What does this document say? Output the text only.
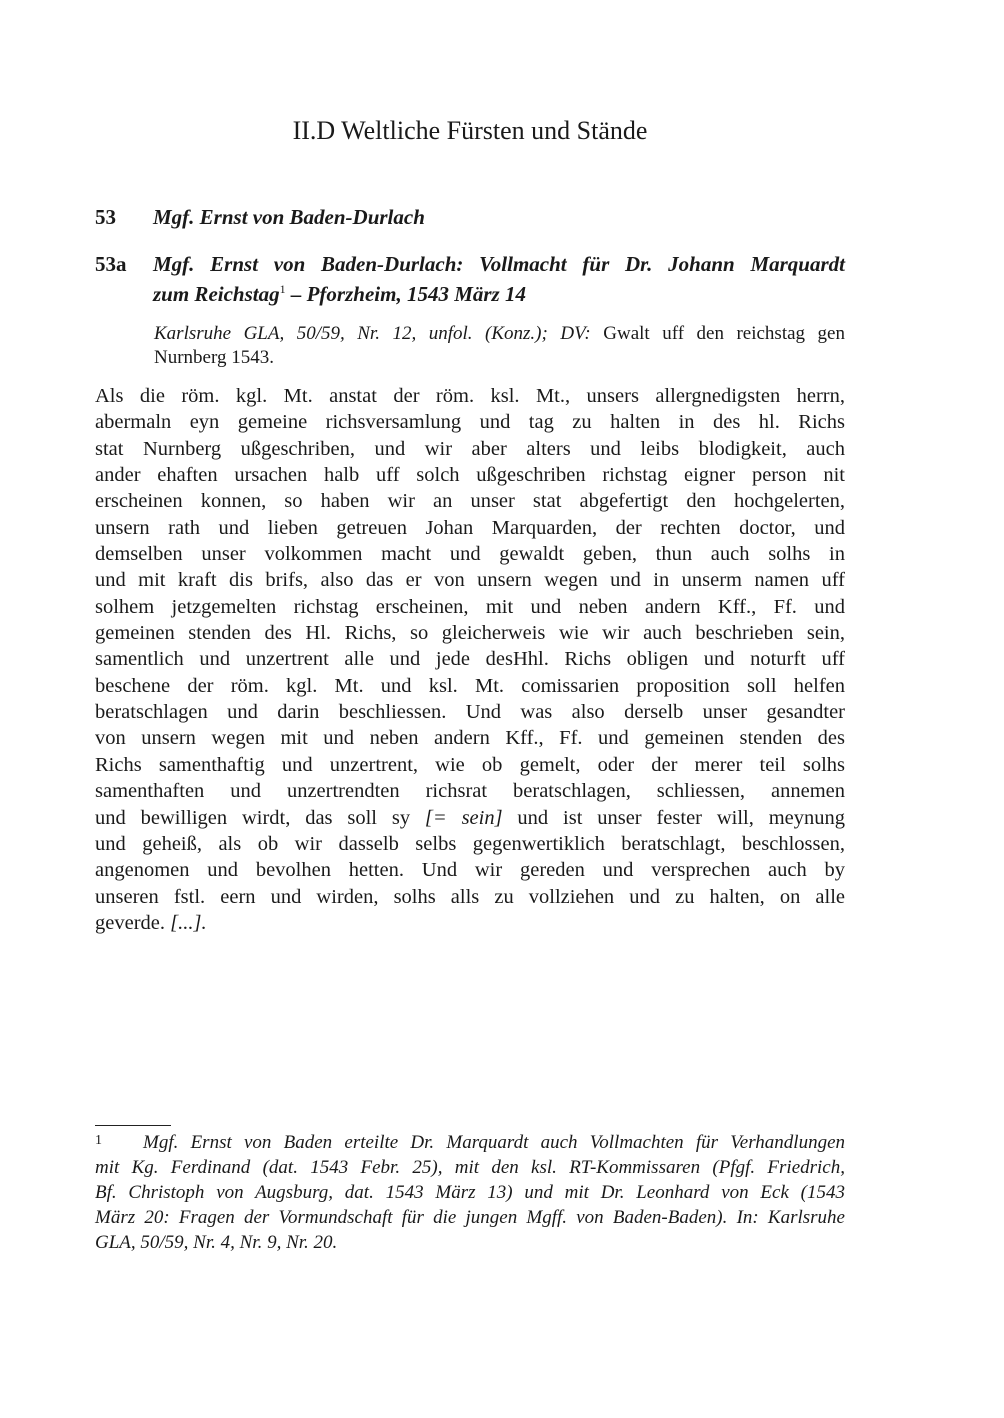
II.D Weltliche Fürsten und Stände
53 Mgf. Ernst von Baden-Durlach
53a Mgf. Ernst von Baden-Durlach: Vollmacht für Dr. Johann Marquardt
zum Reichstag$^1$ – Pforzheim, 1543 März 14
Karlsruhe GLA, 50/59, Nr. 12, unfol. (Konz.); DV: Gwalt uff den reichstag gen
Nurnberg 1543.
Als die röm. kgl. Mt. anstat der röm. ksl. Mt., unsers allergnedigsten herrn,
abermaln eyn gemeine richsversamlung und tag zu halten in des hl. Richs
stat Nurnberg ußgeschriben, und wir aber alters und leibs blodigkeit, auch
ander ehaften ursachen halb uff solch ußgeschriben richstag eigner person nit
erscheinen konnen, so haben wir an unser stat abgefertigt den hochgelerten,
unsern rath und lieben getreuen Johan Marquarden, der rechten doctor, und
demselben unser volkommen macht und gewaldt geben, thun auch solhs in
und mit kraft dis brifs, also das er von unsern wegen und in unserm namen uff
solhem jetzgemelten richstag erscheinen, mit und neben andern Kff., Ff. und
gemeinen stenden des Hl. Richs, so gleicherweis wie wir auch beschrieben sein,
samentlich und unzertrent alle und jede desHhl. Richs obligen und noturft uff
beschene der röm. kgl. Mt. und ksl. Mt. comissarien proposition soll helfen
beratschlagen und darin beschliessen. Und was also derselb unser gesandter
von unsern wegen mit und neben andern Kff., Ff. und gemeinen stenden des
Richs samenthaftig und unzertrent, wie ob gemelt, oder der merer teil solhs
samenthaften und unzertrendten richsrat beratschlagen, schliessen, annemen
und bewilligen wirdt, das soll sy [= sein] und ist unser fester will, meynung
und geheiß, als ob wir dasselb selbs gegenwertiklich beratschlagt, beschlossen,
angenomen und bevolhen hetten. Und wir gereden und versprechen auch by
unseren fstl. eern und wirden, solhs alls zu vollziehen und zu halten, on alle
geverde. [...].
1 Mgf. Ernst von Baden erteilte Dr. Marquardt auch Vollmachten für Verhandlungen
mit Kg. Ferdinand (dat. 1543 Febr. 25), mit den ksl. RT-Kommissaren (Pfgf. Friedrich,
Bf. Christoph von Augsburg, dat. 1543 März 13) und mit Dr. Leonhard von Eck (1543
März 20: Fragen der Vormundschaft für die jungen Mgff. von Baden-Baden). In: Karlsruhe
GLA, 50/59, Nr. 4, Nr. 9, Nr. 20.
